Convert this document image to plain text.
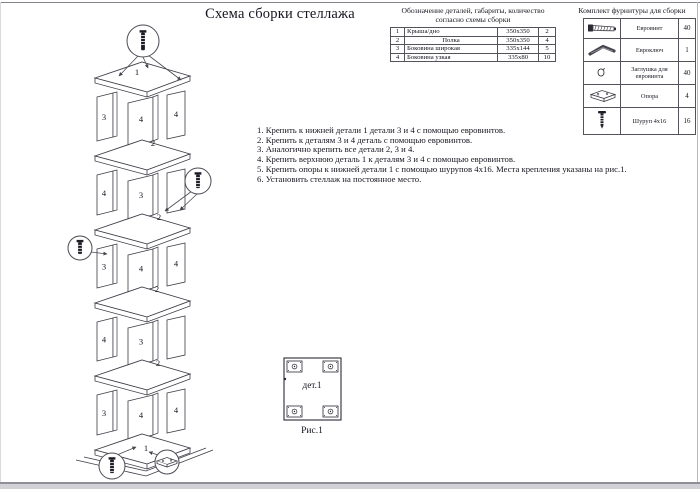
Схема сборки стеллажа	Обозначение деталей, габариты, количество
согласно схемы сборки
1	Крыша/дно	350x350	2
2	Полка	350x350	4
3	Боковина широкая	335x144	5
4	Боковина узкая	335x80	10
Комплект фурнитуры для сборки
	Евровинт	40
	Евроключ	1
	Заглушка для евровинта	40
	Опора	4
	Шуруп 4x16	16
1. Крепить к нижней детали 1 детали 3 и 4 с помощью евровинтов.
2. Крепить к деталям 3 и 4 деталь с помощью евровинтов.
3. Аналогично крепить все детали 2, 3 и 4.
4. Крепить верхнюю деталь 1 к деталям 3 и 4 с помощью евровинтов.
5. Крепить опоры к нижней детали 1 с помощью шурупов 4x16. Места крепления указаны на рис.1.
6. Установить стеллаж на постоянное место.
1
2
2
2
2
1
3	4	4
4	3
3	4	4
4	3
3	4	4
дет.1
Рис.1
